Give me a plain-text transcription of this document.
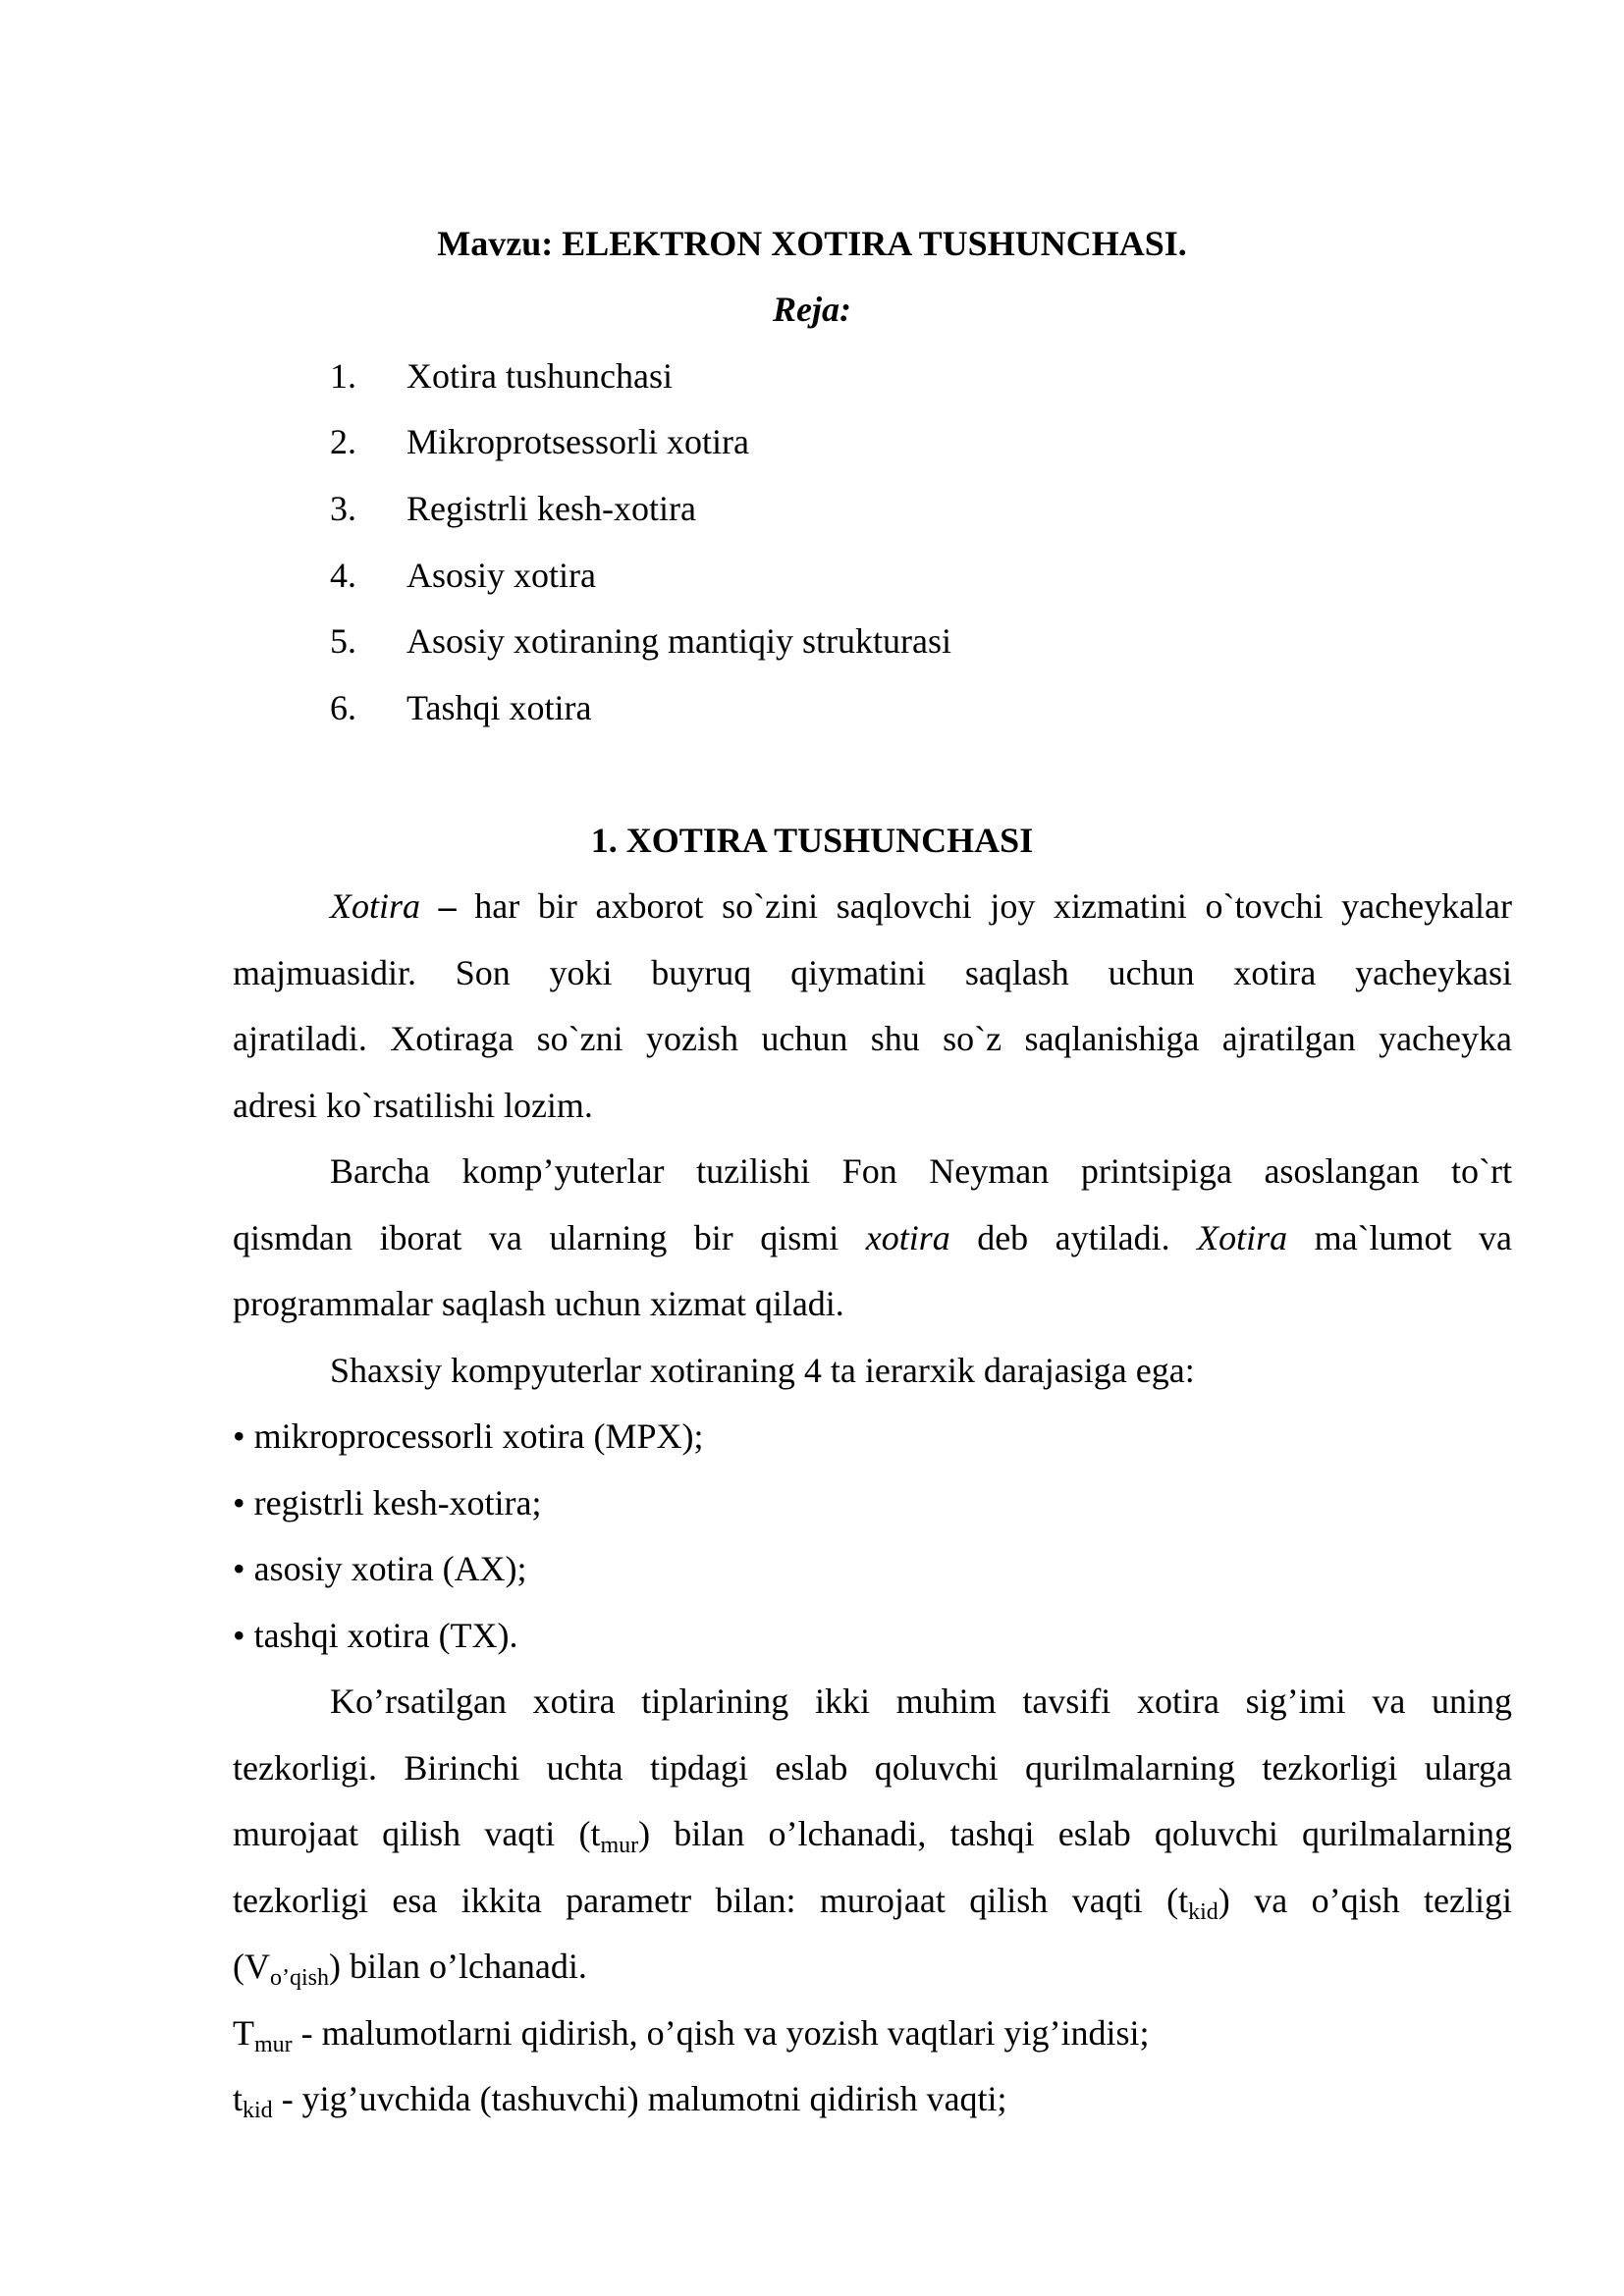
Mavzu: ELEKTRON XOTIRA TUSHUNCHASI.

Reja:

1. Xotira tushunchasi
2. Mikroprotsessorli xotira
3. Registrli kesh-xotira
4. Asosiy xotira
5. Asosiy xotiraning mantiqiy strukturasi
6. Tashqi xotira

1. XOTIRA TUSHUNCHASI

Xotira – har bir axborot so`zini saqlovchi joy xizmatini o`tovchi yacheykalar

majmuasidir. Son yoki buyruq qiymatini saqlash uchun xotira yacheykasi

ajratiladi. Xotiraga so`zni yozish uchun shu so`z saqlanishiga ajratilgan yacheyka

adresi ko`rsatilishi lozim.

Barcha komp’yuterlar tuzilishi Fon Neyman printsipiga asoslangan to`rt

qismdan iborat va ularning bir qismi xotira deb aytiladi. Xotira ma`lumot va

programmalar saqlash uchun xizmat qiladi.

Shaxsiy kompyuterlar xotiraning 4 ta ierarxik darajasiga ega:

• mikroprocessorli xotira (MPX);

• registrli kesh-xotira;

• asosiy xotira (AX);

• tashqi xotira (TX).

Ko’rsatilgan xotira tiplarining ikki muhim tavsifi xotira sig’imi va uning

tezkorligi. Birinchi uchta tipdagi eslab qoluvchi qurilmalarning tezkorligi ularga

murojaat qilish vaqti $(t_{mur})$ bilan o’lchanadi, tashqi eslab qoluvchi qurilmalarning

tezkorligi esa ikkita parametr bilan: murojaat qilish vaqti $(t_{kid})$ va o’qish tezligi

$(V_{o’qish})$ bilan o’lchanadi.

$T_{mur}$ - malumotlarni qidirish, o’qish va yozish vaqtlari yig’indisi;

$t_{kid}$ - yig’uvchida (tashuvchi) malumotni qidirish vaqti;
